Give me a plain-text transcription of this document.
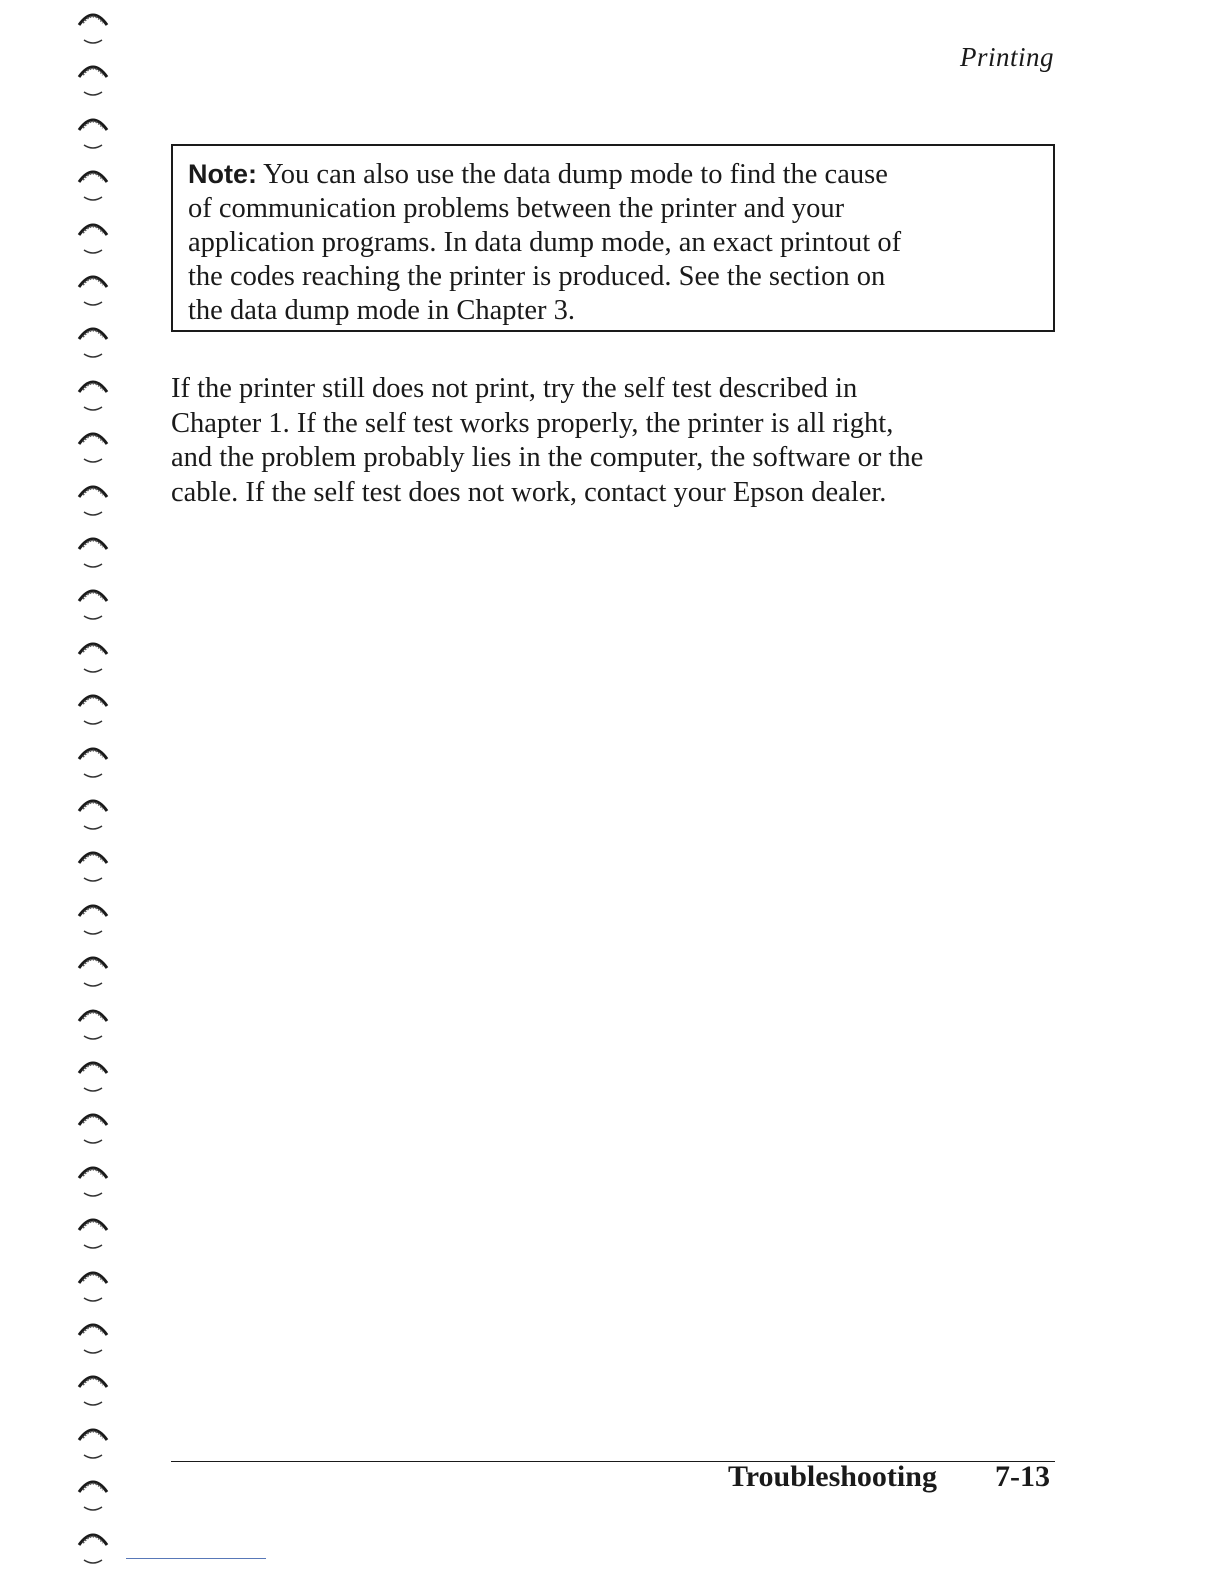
Printing
Note: You can also use the data dump mode to find the cause
of communication problems between the printer and your
application programs. In data dump mode, an exact printout of
the codes reaching the printer is produced. See the section on
the data dump mode in Chapter 3.
If the printer still does not print, try the self test described in
Chapter 1. If the self test works properly, the printer is all right,
and the problem probably lies in the computer, the software or the
cable. If the self test does not work, contact your Epson dealer.
Troubleshooting 7-13
